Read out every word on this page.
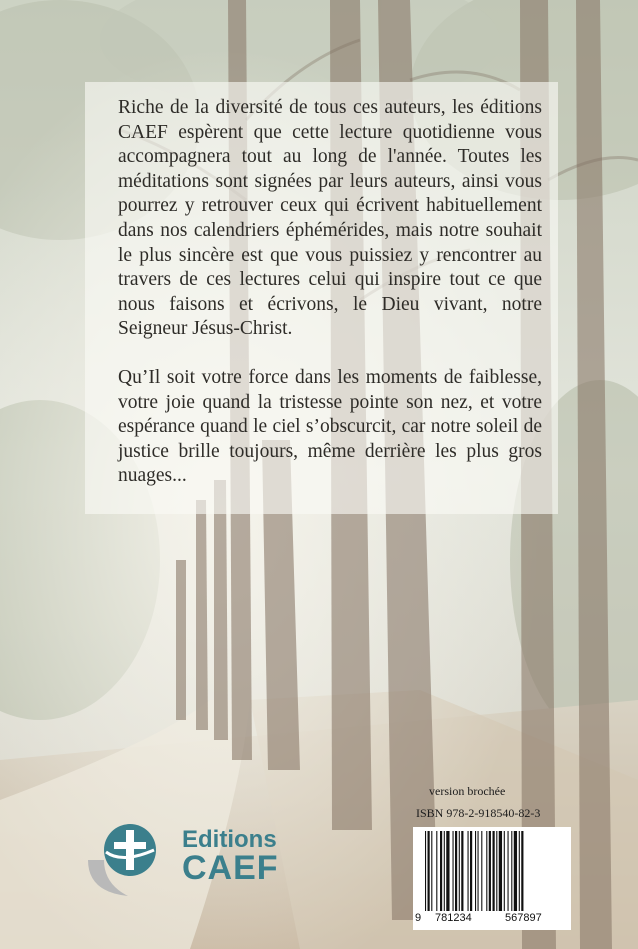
Riche de la diversité de tous ces auteurs, les éditions CAEF espèrent que cette lecture quotidienne vous accompagnera tout au long de l'année. Toutes les méditations sont signées par leurs auteurs, ainsi vous pourrez y retrouver ceux qui écrivent habituellement dans nos calendriers éphémérides, mais notre souhait le plus sincère est que vous puissiez y rencontrer au travers de ces lectures celui qui inspire tout ce que nous faisons et écrivons, le Dieu vivant, notre Seigneur Jésus-Christ.

Qu’Il soit votre force dans les moments de faiblesse, votre joie quand la tristesse pointe son nez, et votre espérance quand le ciel s’obscurcit, car notre soleil de justice brille toujours, même derrière les plus gros nuages...

Editions
CAEF
version brochée
ISBN 978-2-918540-82-3
9 781234	567897
